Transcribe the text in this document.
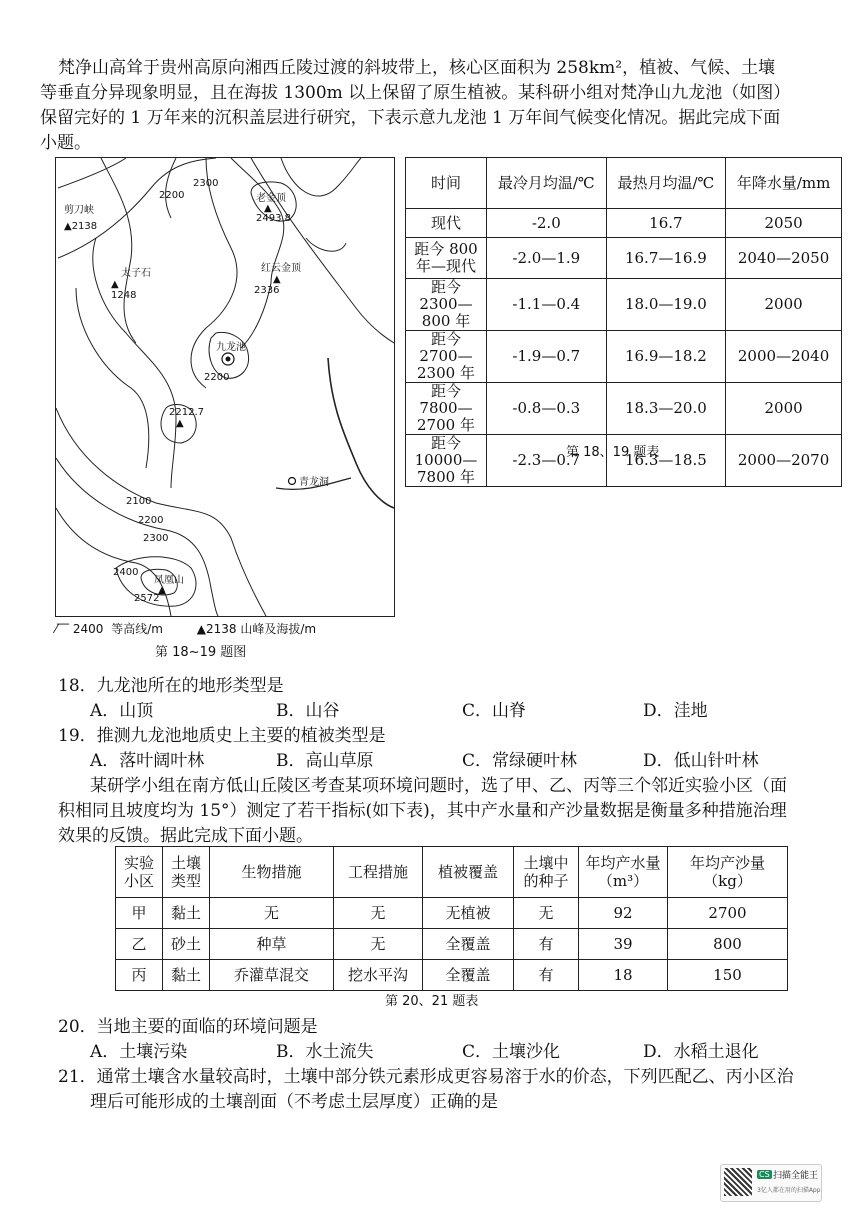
梵净山高耸于贵州高原向湘西丘陵过渡的斜坡带上，核心区面积为 258km²，植被、气候、土壤
等垂直分异现象明显，且在海拔 1300m 以上保留了原生植被。某科研小组对梵净山九龙池（如图）
保留完好的 1 万年来的沉积盖层进行研究，下表示意九龙池 1 万年间气候变化情况。据此完成下面
小题。
剪刀峡
▲2138
2200
2300
老金顶
▲
2493.8
太子石
▲
1248
红云金顶
▲
2336
九龙池
2200
2212.7
▲
青龙洞
2100
2200
2300
2400
凤凰山
▲
2572
⁄‾‾ 2400 等高线/m	▲2138 山峰及海拔/m
第 18~19 题图
时间	最冷月均温/℃	最热月均温/℃	年降水量/mm
现代	-2.0	16.7	2050
距今 800年—现代	-2.0—1.9	16.7—16.9	2040—2050
距今 2300—800 年	-1.1—0.4	18.0—19.0	2000
距今 2700—2300 年	-1.9—0.7	16.9—18.2	2000—2040
距今 7800—2700 年	-0.8—0.3	18.3—20.0	2000
距今 10000—7800 年	-2.3—0.7	16.3—18.5	2000—2070
第 18、19 题表
18．九龙池所在的地形类型是
A．山顶	B．山谷	C．山脊	D．洼地
19．推测九龙池地质史上主要的植被类型是
A．落叶阔叶林	B．高山草原	C．常绿硬叶林	D．低山针叶林
某研学小组在南方低山丘陵区考查某项环境问题时，选了甲、乙、丙等三个邻近实验小区（面
积相同且坡度均为 15°）测定了若干指标(如下表)，其中产水量和产沙量数据是衡量多种措施治理
效果的反馈。据此完成下面小题。
实验小区	土壤类型	生物措施	工程措施	植被覆盖	土壤中的种子	年均产水量（m³）	年均产沙量（kg）
甲	黏土	无	无	无植被	无	92	2700
乙	砂土	种草	无	全覆盖	有	39	800
丙	黏土	乔灌草混交	挖水平沟	全覆盖	有	18	150
第 20、21 题表
20．当地主要的面临的环境问题是
A．土壤污染	B．水土流失	C．土壤沙化	D．水稻土退化
21．通常土壤含水量较高时，土壤中部分铁元素形成更容易溶于水的价态，下列匹配乙、丙小区治
理后可能形成的土壤剖面（不考虑土层厚度）正确的是
CS 扫描全能王
3亿人都在用的扫描App
